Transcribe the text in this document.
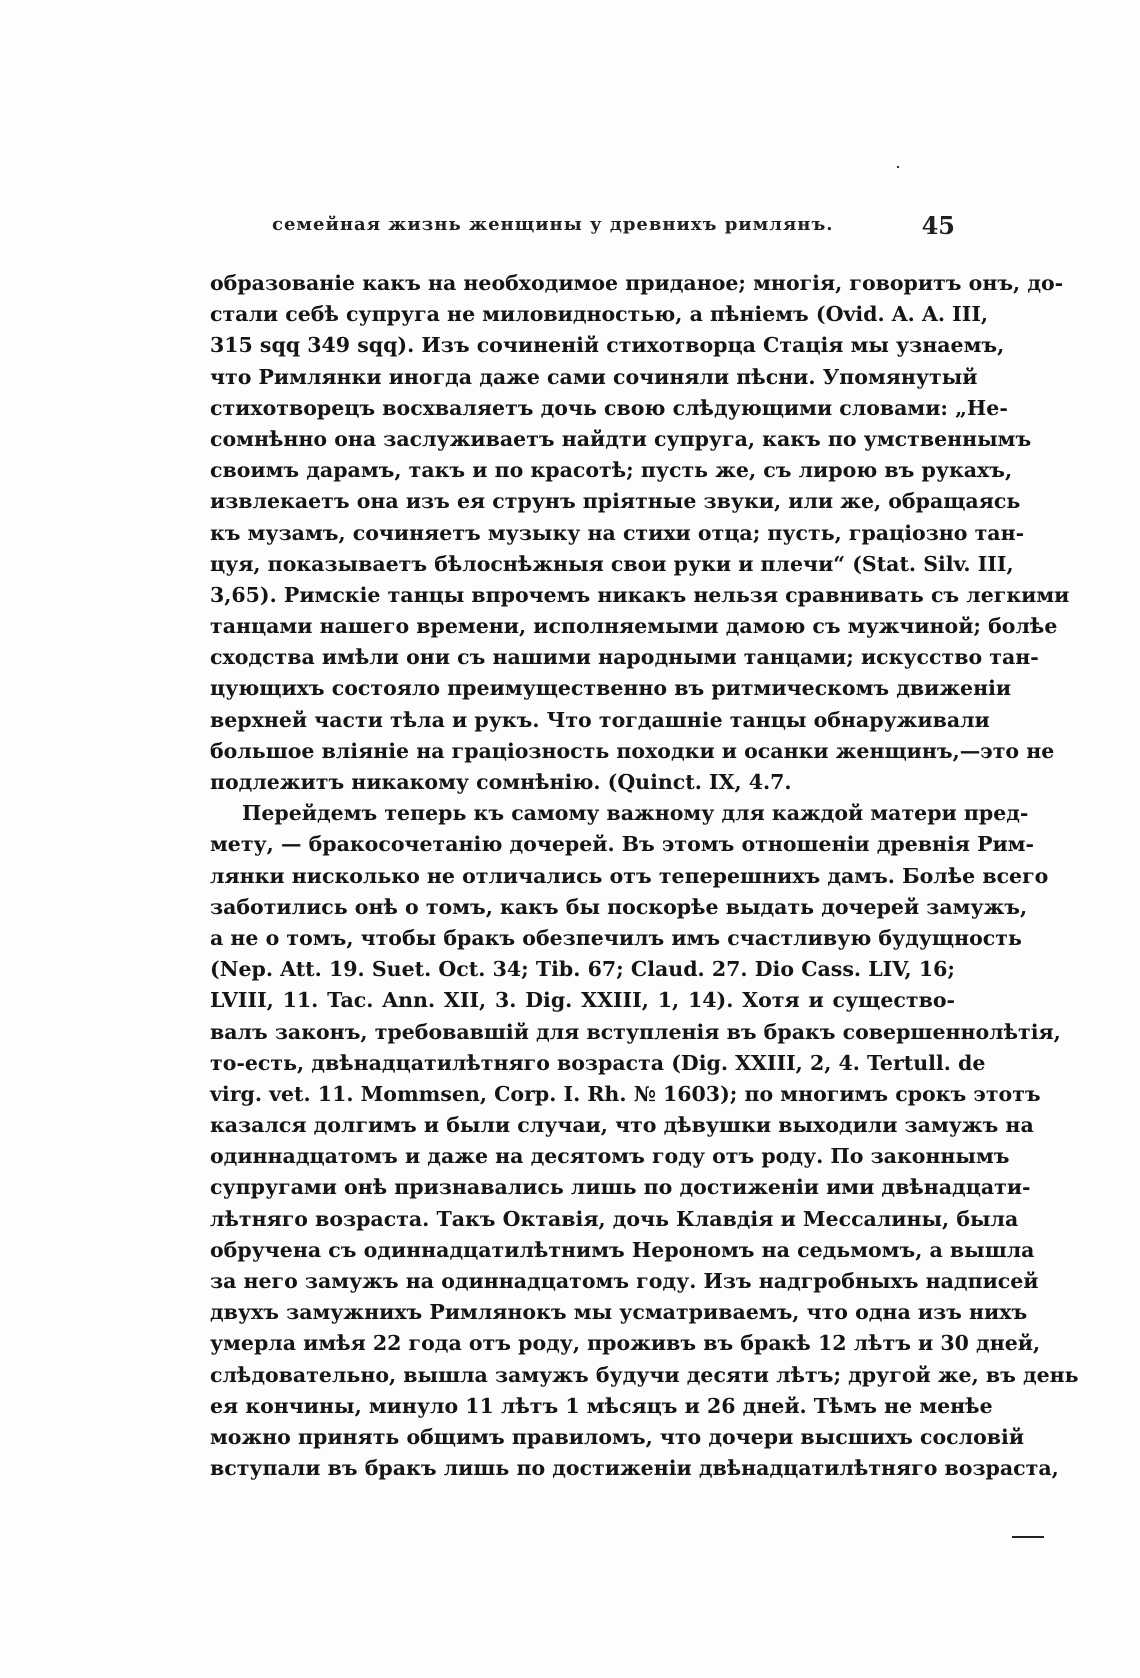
семейная жизнь женщины у древнихъ римлянъ.	45
образованіе какъ на необходимое приданое; многія, говоритъ онъ, до-
стали себѣ супруга не миловидностью, а пѣніемъ (Ovid. A. A. III,
315 sqq 349 sqq). Изъ сочиненій стихотворца Стація мы узнаемъ,
что Римлянки иногда даже сами сочиняли пѣсни. Упомянутый
стихотворецъ восхваляетъ дочь свою слѣдующими словами: „Не-
сомнѣнно она заслуживаетъ найдти супруга, какъ по умственнымъ
своимъ дарамъ, такъ и по красотѣ; пусть же, съ лирою въ рукахъ,
извлекаетъ она изъ ея струнъ пріятные звуки, или же, обращаясь
къ музамъ, сочиняетъ музыку на стихи отца; пусть, граціозно тан-
цуя, показываетъ бѣлоснѣжныя свои руки и плечи“ (Stat. Silv. III,
3,65). Римскіе танцы впрочемъ никакъ нельзя сравнивать съ легкими
танцами нашего времени, исполняемыми дамою съ мужчиной; болѣе
сходства имѣли они съ нашими народными танцами; искусство тан-
цующихъ состояло преимущественно въ ритмическомъ движеніи
верхней части тѣла и рукъ. Что тогдашніе танцы обнаруживали
большое вліяніе на граціозность походки и осанки женщинъ,—это не
подлежитъ никакому сомнѣнію. (Quinct. IX, 4.7.
Перейдемъ теперь къ самому важному для каждой матери пред-
мету, — бракосочетанію дочерей. Въ этомъ отношеніи древнія Рим-
лянки нисколько не отличались отъ теперешнихъ дамъ. Болѣе всего
заботились онѣ о томъ, какъ бы поскорѣе выдать дочерей замужъ,
а не о томъ, чтобы бракъ обезпечилъ имъ счастливую будущность
(Nep. Att. 19. Suet. Oct. 34; Tib. 67; Claud. 27. Dio Cass. LIV, 16;
LVIII, 11. Tac. Ann. XII, 3. Dig. XXIII, 1, 14). Хотя и существо-
валъ законъ, требовавшій для вступленія въ бракъ совершеннолѣтія,
то-есть, двѣнадцатилѣтняго возраста (Dig. XXIII, 2, 4. Tertull. de
virg. vet. 11. Mommsen, Corp. I. Rh. № 1603); по многимъ срокъ этотъ
казался долгимъ и были случаи, что дѣвушки выходили замужъ на
одиннадцатомъ и даже на десятомъ году отъ роду. По законнымъ
супругами онѣ признавались лишь по достиженіи ими двѣнадцати-
лѣтняго возраста. Такъ Октавія, дочь Клавдія и Мессалины, была
обручена съ одиннадцатилѣтнимъ Нерономъ на седьмомъ, а вышла
за него замужъ на одиннадцатомъ году. Изъ надгробныхъ надписей
двухъ замужнихъ Римлянокъ мы усматриваемъ, что одна изъ нихъ
умерла имѣя 22 года отъ роду, проживъ въ бракѣ 12 лѣтъ и 30 дней,
слѣдовательно, вышла замужъ будучи десяти лѣтъ; другой же, въ день
ея кончины, минуло 11 лѣтъ 1 мѣсяцъ и 26 дней. Тѣмъ не менѣе
можно принять общимъ правиломъ, что дочери высшихъ сословій
вступали въ бракъ лишь по достиженіи двѣнадцатилѣтняго возраста,
